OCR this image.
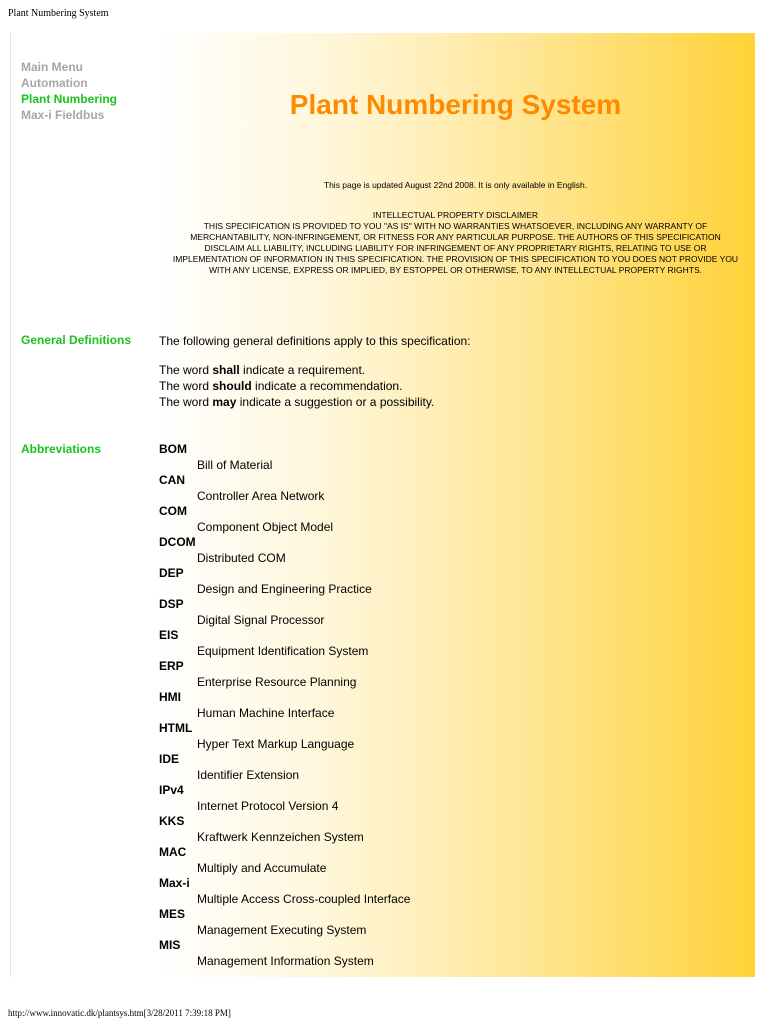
Plant Numbering System
Main Menu
Automation
Plant Numbering
Max-i Fieldbus	Plant Numbering System
This page is updated August 22nd 2008. It is only available in English.

INTELLECTUAL PROPERTY DISCLAIMER

THIS SPECIFICATION IS PROVIDED TO YOU "AS IS" WITH NO WARRANTIES WHATSOEVER, INCLUDING ANY WARRANTY OF

MERCHANTABILITY, NON-INFRINGEMENT, OR FITNESS FOR ANY PARTICULAR PURPOSE. THE AUTHORS OF THIS SPECIFICATION

DISCLAIM ALL LIABILITY, INCLUDING LIABILITY FOR INFRINGEMENT OF ANY PROPRIETARY RIGHTS, RELATING TO USE OR

IMPLEMENTATION OF INFORMATION IN THIS SPECIFICATION. THE PROVISION OF THIS SPECIFICATION TO YOU DOES NOT PROVIDE YOU

WITH ANY LICENSE, EXPRESS OR IMPLIED, BY ESTOPPEL OR OTHERWISE, TO ANY INTELLECTUAL PROPERTY RIGHTS.

General Definitions The following general definitions apply to this specification:

The word shall indicate a requirement.

The word should indicate a recommendation.

The word may indicate a suggestion or a possibility.

Abbreviations	BOM
Bill of Material
CAN
Controller Area Network
COM
Component Object Model
DCOM
Distributed COM
DEP
Design and Engineering Practice
DSP
Digital Signal Processor
EIS
Equipment Identification System
ERP
Enterprise Resource Planning
HMI
Human Machine Interface
HTML
Hyper Text Markup Language
IDE
Identifier Extension
IPv4
Internet Protocol Version 4
KKS
Kraftwerk Kennzeichen System
MAC
Multiply and Accumulate
Max-i
Multiple Access Cross-coupled Interface
MES
Management Executing System
MIS
Management Information System
http://www.innovatic.dk/plantsys.htm[3/28/2011 7:39:18 PM]
